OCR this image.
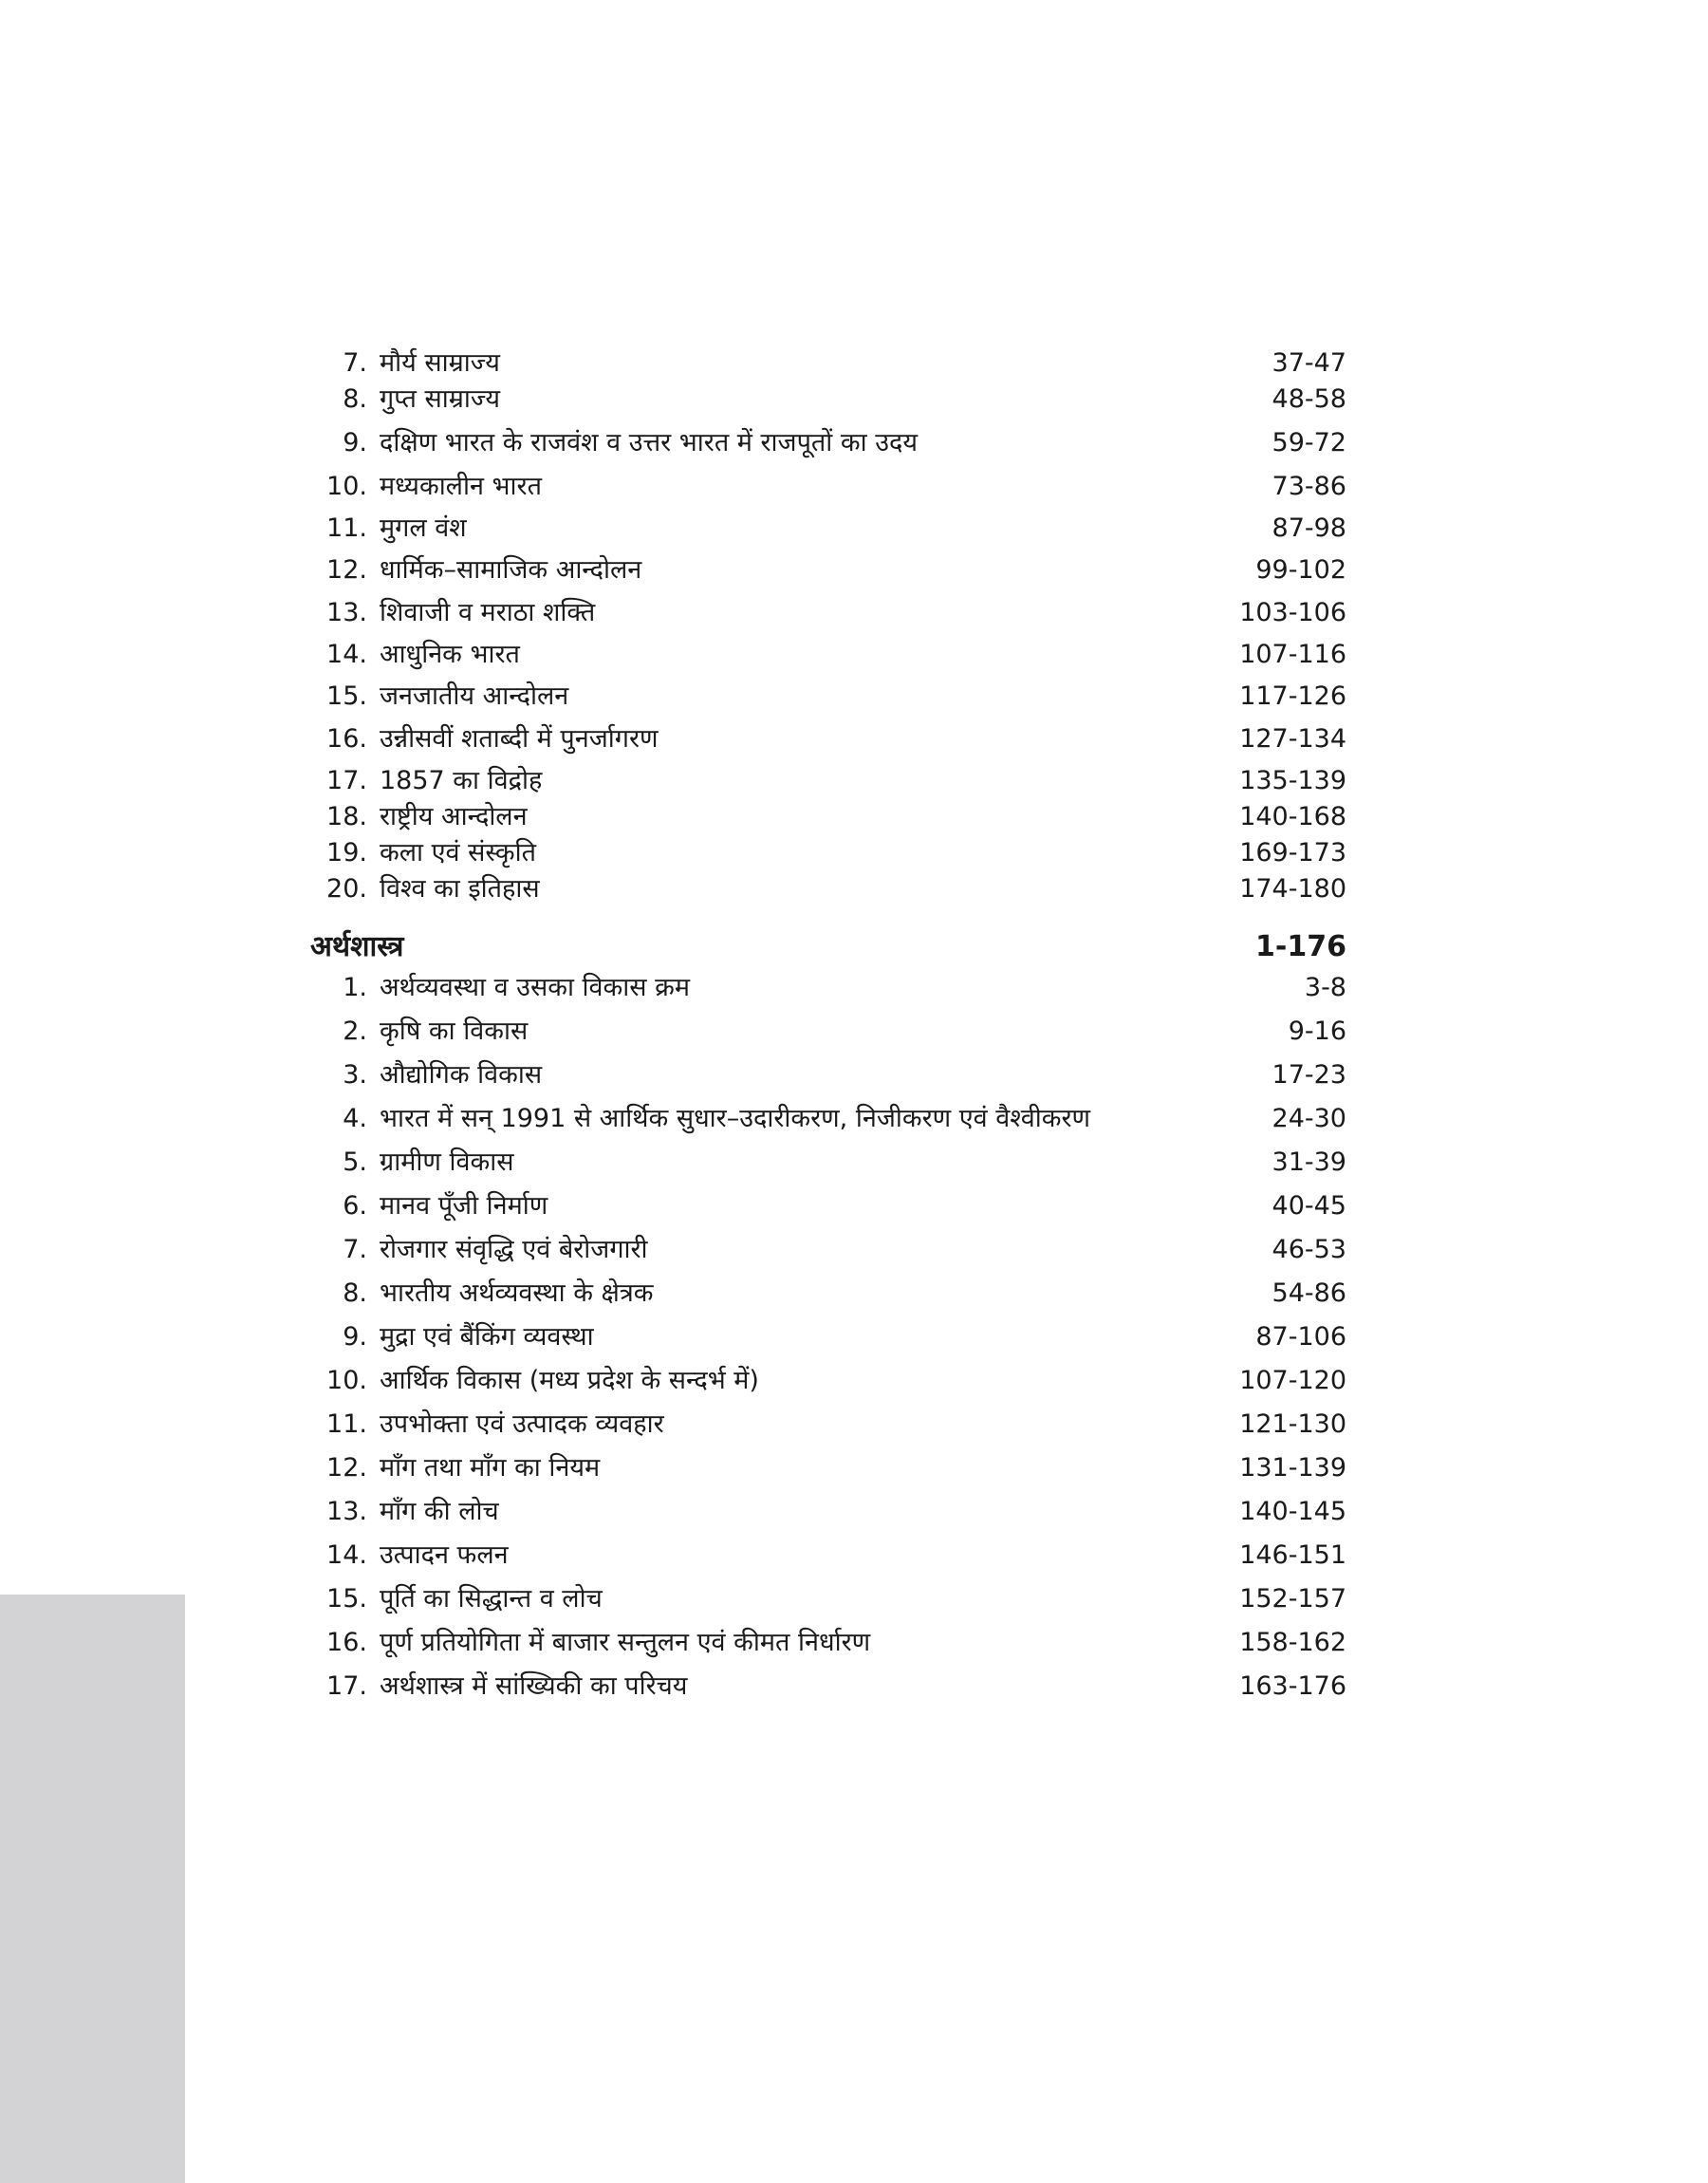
7. मौर्य साम्राज्य	37-47
8. गुप्त साम्राज्य	48-58
9. दक्षिण भारत के राजवंश व उत्तर भारत में राजपूतों का उदय	59-72
10. मध्यकालीन भारत	73-86
11. मुगल वंश	87-98
12. धार्मिक–सामाजिक आन्दोलन	99-102
13. शिवाजी व मराठा शक्ति	103-106
14. आधुनिक भारत	107-116
15. जनजातीय आन्दोलन	117-126
16. उन्नीसवीं शताब्दी में पुनर्जागरण	127-134
17. 1857 का विद्रोह	135-139
18. राष्ट्रीय आन्दोलन	140-168
19. कला एवं संस्कृति	169-173
20. विश्व का इतिहास	174-180
अर्थशास्त्र	1-176
1. अर्थव्यवस्था व उसका विकास क्रम	3-8
2. कृषि का विकास	9-16
3. औद्योगिक विकास	17-23
4. भारत में सन् 1991 से आर्थिक सुधार–उदारीकरण, निजीकरण एवं वैश्वीकरण	24-30
5. ग्रामीण विकास	31-39
6. मानव पूँजी निर्माण	40-45
7. रोजगार संवृद्धि एवं बेरोजगारी	46-53
8. भारतीय अर्थव्यवस्था के क्षेत्रक	54-86
9. मुद्रा एवं बैंकिंग व्यवस्था	87-106
10. आर्थिक विकास (मध्य प्रदेश के सन्दर्भ में)	107-120
11. उपभोक्ता एवं उत्पादक व्यवहार	121-130
12. माँग तथा माँग का नियम	131-139
13. माँग की लोच	140-145
14. उत्पादन फलन	146-151
15. पूर्ति का सिद्धान्त व लोच	152-157
16. पूर्ण प्रतियोगिता में बाजार सन्तुलन एवं कीमत निर्धारण	158-162
17. अर्थशास्त्र में सांख्यिकी का परिचय	163-176
